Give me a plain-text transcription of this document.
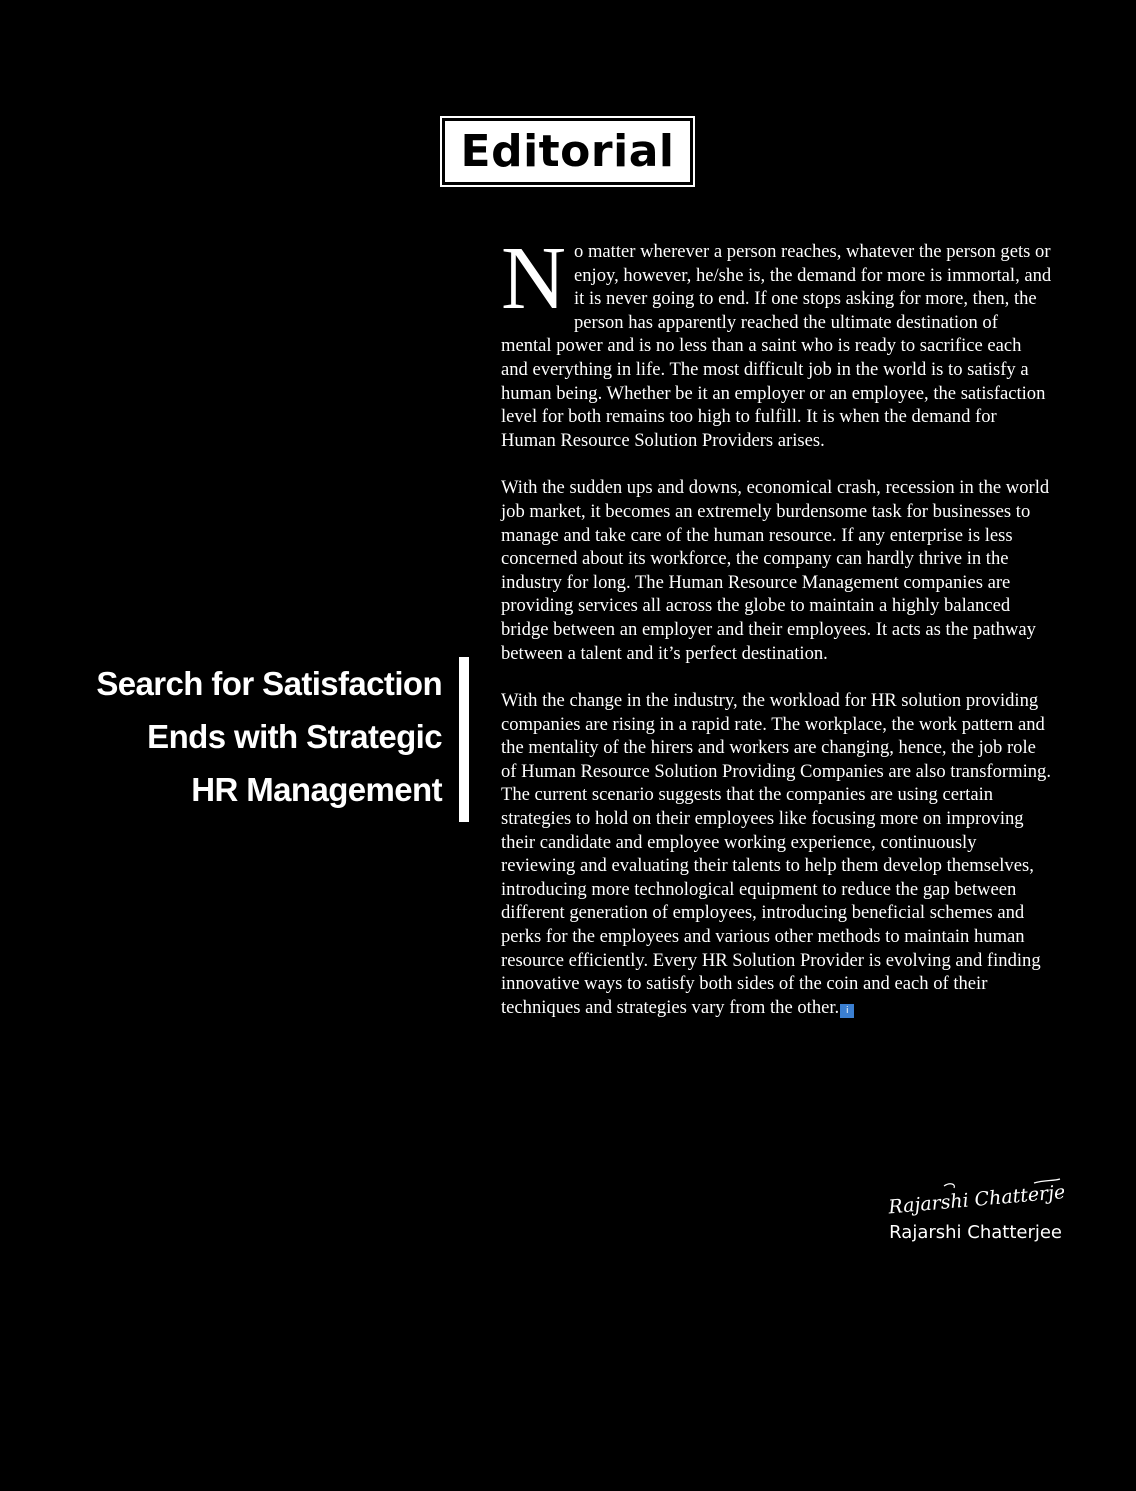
Editorial
Search for Satisfaction
Ends with Strategic
HR Management

No matter wherever a person reaches, whatever the person gets or enjoy, however, he/she is, the demand for more is immortal, and it is never going to end. If one stops asking for more, then, the person has apparently reached the ultimate destination of mental power and is no less than a saint who is ready to sacrifice each and everything in life. The most difficult job in the world is to satisfy a human being. Whether be it an employer or an employee, the satisfaction level for both remains too high to fulfill. It is when the demand for Human Resource Solution Providers arises.

With the sudden ups and downs, economical crash, recession in the world job market, it becomes an extremely burdensome task for businesses to manage and take care of the human resource. If any enterprise is less concerned about its workforce, the company can hardly thrive in the industry for long. The Human Resource Management companies are providing services all across the globe to maintain a highly balanced bridge between an employer and their employees. It acts as the pathway between a talent and it’s perfect destination.

With the change in the industry, the workload for HR solution providing companies are rising in a rapid rate. The workplace, the work pattern and the mentality of the hirers and workers are changing, hence, the job role of Human Resource Solution Providing Companies are also transforming. The current scenario suggests that the companies are using certain strategies to hold on their employees like focusing more on improving their candidate and employee working experience, continuously reviewing and evaluating their talents to help them develop themselves, introducing more technological equipment to reduce the gap between different generation of employees, introducing beneficial schemes and perks for the employees and various other methods to maintain human resource efficiently. Every HR Solution Provider is evolving and finding innovative ways to satisfy both sides of the coin and each of their techniques and strategies vary from the other. i

Rajarshi Chatterjee
Rajarshi Chatterjee
